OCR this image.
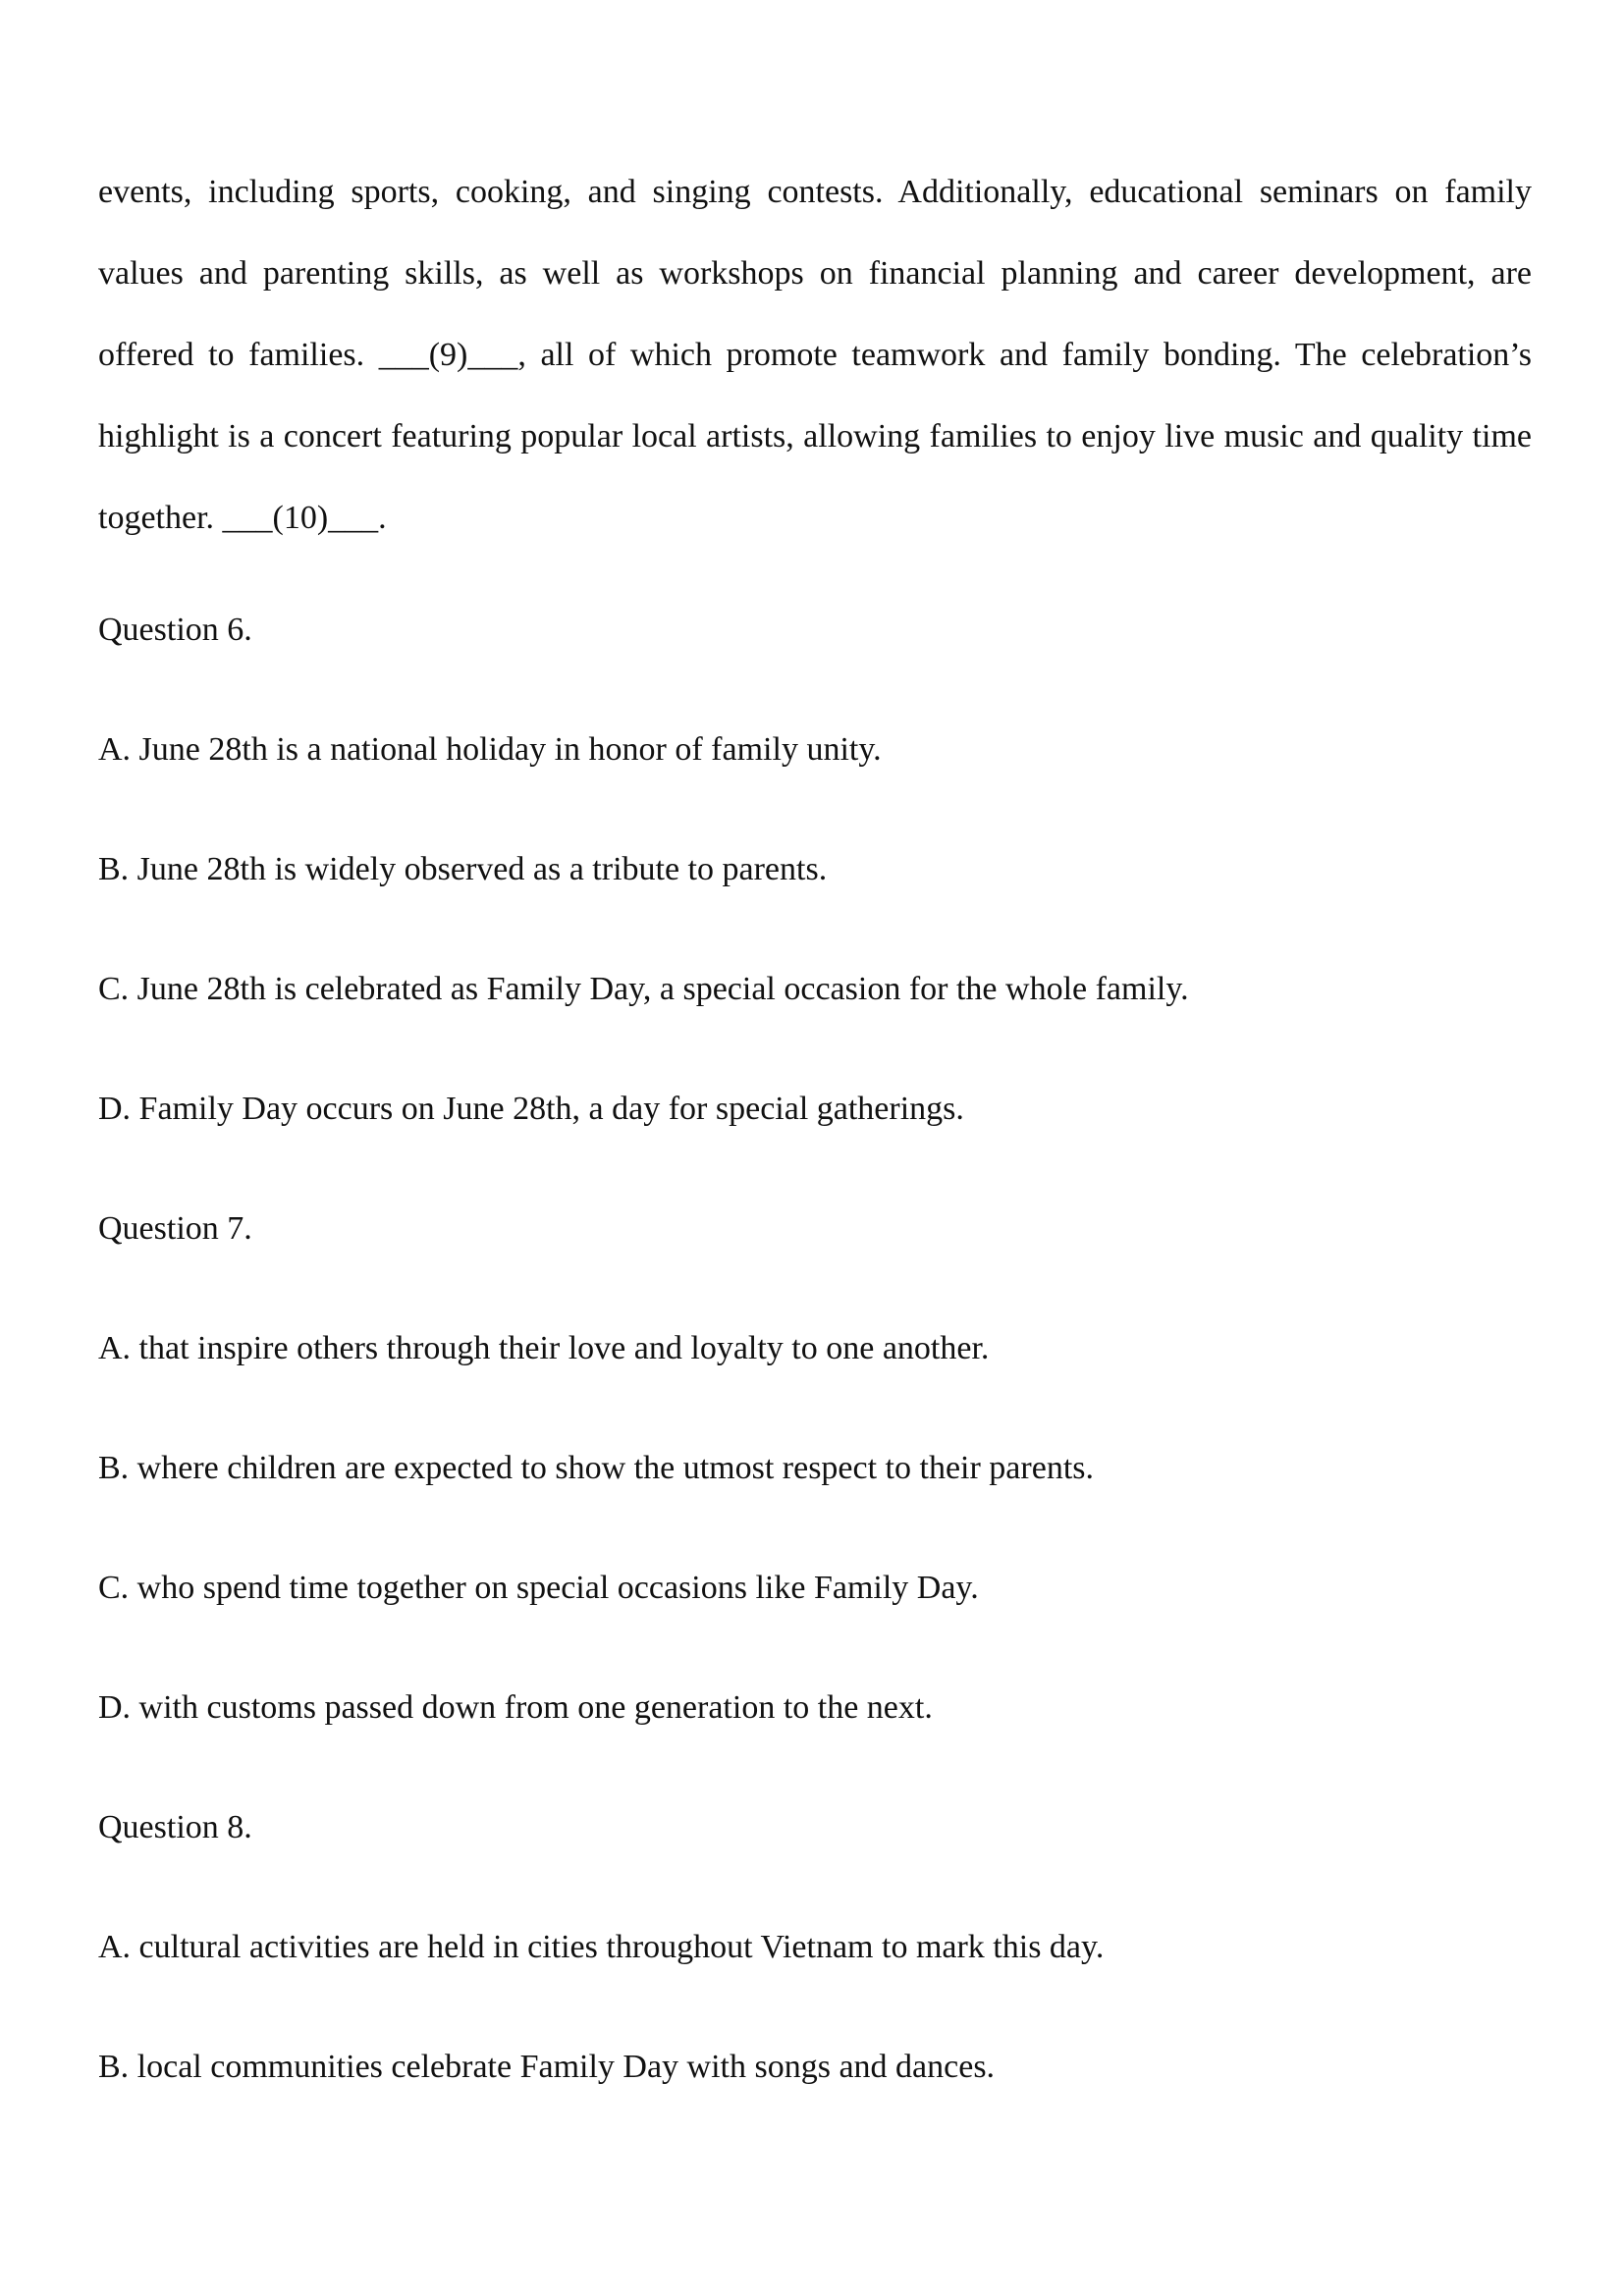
events, including sports, cooking, and singing contests. Additionally, educational seminars on family values and parenting skills, as well as workshops on financial planning and career development, are offered to families. ___(9)___, all of which promote teamwork and family bonding. The celebration’s highlight is a concert featuring popular local artists, allowing families to enjoy live music and quality time together. ___(10)___.

Question 6.

A. June 28th is a national holiday in honor of family unity.

B. June 28th is widely observed as a tribute to parents.

C. June 28th is celebrated as Family Day, a special occasion for the whole family.

D. Family Day occurs on June 28th, a day for special gatherings.

Question 7.

A. that inspire others through their love and loyalty to one another.

B. where children are expected to show the utmost respect to their parents.

C. who spend time together on special occasions like Family Day.

D. with customs passed down from one generation to the next.

Question 8.

A. cultural activities are held in cities throughout Vietnam to mark this day.

B. local communities celebrate Family Day with songs and dances.
